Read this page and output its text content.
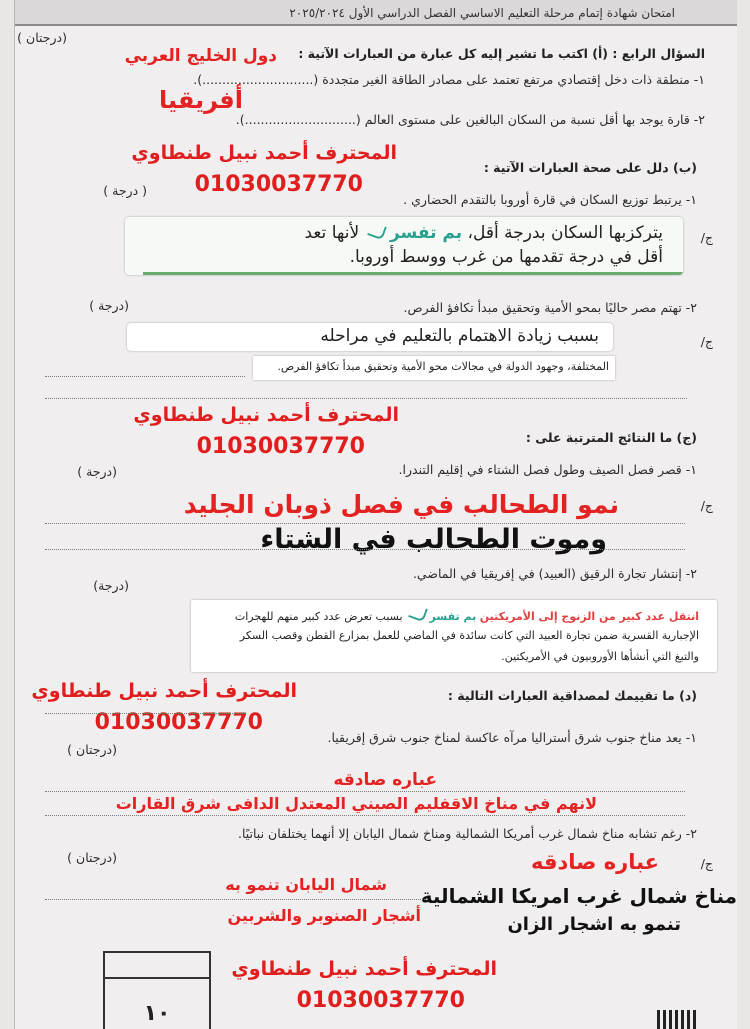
امتحان شهادة إتمام مرحلة التعليم الاساسي الفصل الدراسي الأول ٢٠٢٥/٢٠٢٤
(درجتان )
السؤال الرابع : (أ) اكتب ما تشير إليه كل عبارة من العبارات الآتية :
دول الخليج العربي
١- منطقة ذات دخل إقتصادي مرتفع تعتمد على مصادر الطاقة الغير متجددة (............................).
أفريقيا
٢- قارة يوجد بها أقل نسبة من السكان البالغين على مستوى العالم (............................).
المحترف أحمد نبيل طنطاوي
01030037770
(ب) دلل على صحة العبارات الآتية :
( درجة )
١- يرتبط توزيع السكان في قارة أوروبا بالتقدم الحضاري .
ج/
يتركزبها السكان بدرجة أقل، بم تفسر  لأنها تعد
أقل في درجة تقدمها من غرب ووسط أوروبا.
(درجة )	٢- تهتم مصر حاليًا بمحو الأمية وتحقيق مبدأ تكافؤ الفرص.
ج/
بسبب زيادة الاهتمام بالتعليم في مراحله
المختلفة، وجهود الدولة في مجالات محو الأمية وتحقيق مبدأ تكافؤ الفرص.
المحترف أحمد نبيل طنطاوي
01030037770	(ج) ما النتائج المترتبة على :
(درجة )	١- قصر فصل الصيف وطول فصل الشتاء في إقليم التندرا.
ج/
نمو الطحالب في فصل ذوبان الجليد
وموت الطحالب في الشتاء
(درجة)
٢- إنتشار تجارة الرقيق (العبيد) في إفريقيا في الماضي.
انتقل عدد كبير من الزنوج إلى الأمريكتين بم تفسر  بسبب تعرض عدد كبير منهم للهجرات
الإجبارية القسرية ضمن تجارة العبيد التي كانت سائدة في الماضي للعمل بمزارع القطن وقصب السكر
والتبغ التي أنشأها الأوروبيون في الأمريكتين.
المحترف أحمد نبيل طنطاوي
01030037770
(د) ما تقييمك لمصداقية العبارات التالية :
(درجتان )
١- يعد مناخ جنوب شرق أستراليا مرآه عاكسة لمناخ جنوب شرق إفريقيا.
عباره صادقه
لانهم في مناخ الاقفليم الصيني المعتدل الدافى شرق القارات
(درجتان )
٢- رغم تشابه مناخ شمال غرب أمريكا الشمالية ومناخ شمال اليابان إلا أنهما يختلفان نباتيًا.
عباره صادقه	ج/
شمال اليابان تنمو به مناخ شمال غرب امريكا الشمالية
أشجار الصنوبر والشربين	تنمو به اشجار الزان
المحترف أحمد نبيل طنطاوي
01030037770
١٠
